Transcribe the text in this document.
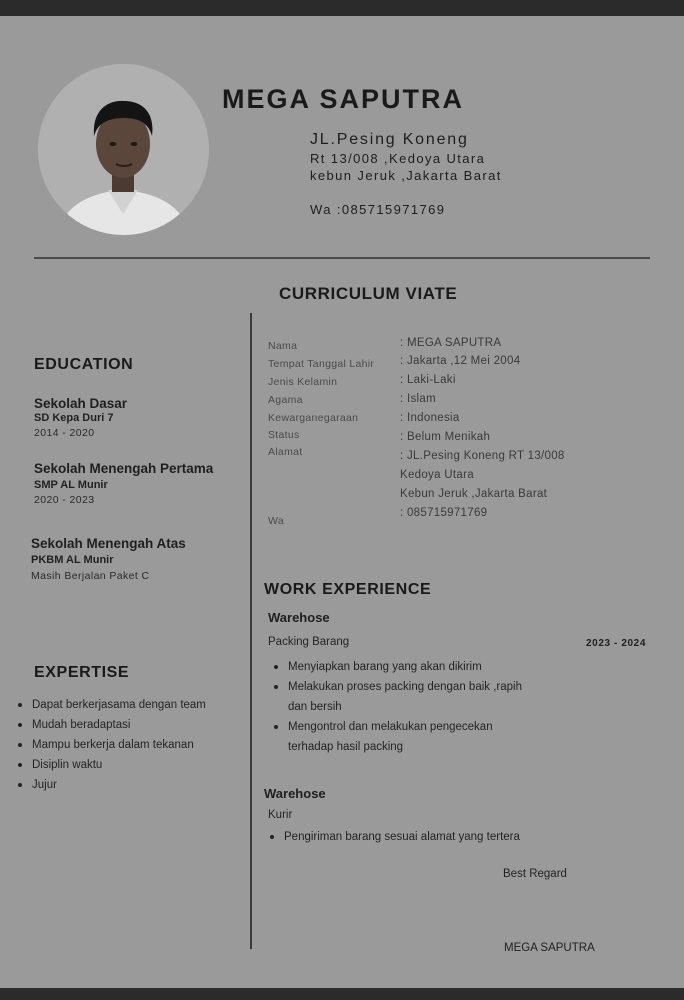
MEGA SAPUTRA
JL.Pesing Koneng
Rt 13/008 ,Kedoya Utara
kebun Jeruk ,Jakarta Barat
Wa :085715971769
CURRICULUM VIATE
EDUCATION
Sekolah Dasar
SD Kepa Duri 7
2014 - 2020
Sekolah Menengah Pertama
SMP AL Munir
2020 - 2023
Sekolah Menengah Atas
PKBM AL Munir
Masih Berjalan Paket C
EXPERTISE
Dapat berkerjasama dengan team
Mudah beradaptasi
Mampu berkerja dalam tekanan
Disiplin waktu
Jujur
Nama
Tempat Tanggal Lahir
Jenis Kelamin
Agama
Kewarganegaraan
Status
Alamat
Wa
: MEGA SAPUTRA
: Jakarta ,12 Mei 2004
: Laki-Laki
: Islam
: Indonesia
: Belum Menikah
: JL.Pesing Koneng RT 13/008
Kedoya Utara
Kebun Jeruk ,Jakarta Barat
: 085715971769
WORK EXPERIENCE
Warehose
Packing Barang	2023 - 2024
Menyiapkan barang yang akan dikirim
Melakukan proses packing dengan baik ,rapih
dan bersih
Mengontrol dan melakukan pengecekan
terhadap hasil packing
Warehose
Kurir
Pengiriman barang sesuai alamat yang tertera
Best Regard
MEGA SAPUTRA
